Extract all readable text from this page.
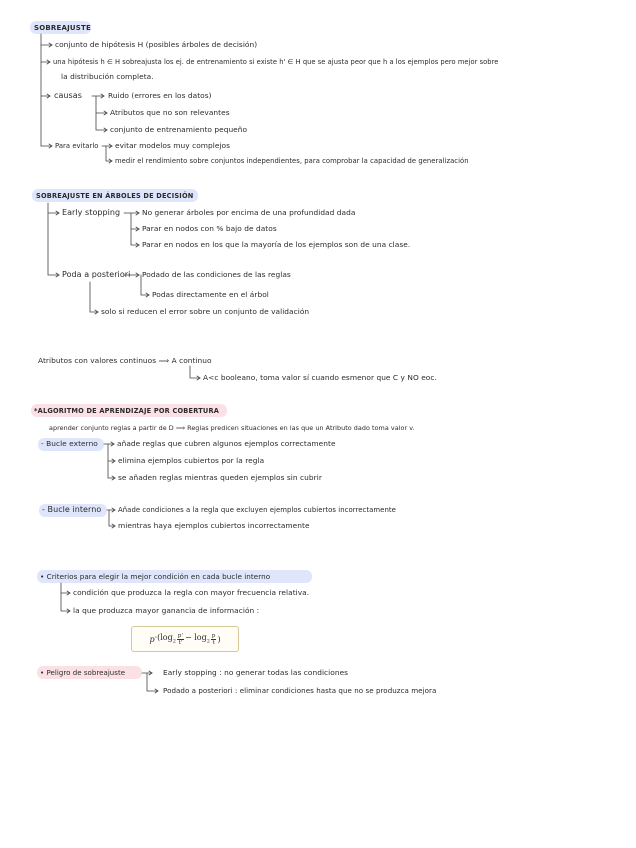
SOBREAJUSTE
conjunto de hipótesis H (posibles árboles de decisión)
una hipótesis h ∈ H sobreajusta los ej. de entrenamiento si existe h' ∈ H que se ajusta peor que h a los ejemplos pero mejor sobre
la distribución completa.
causas	Ruido (errores en los datos)
Atributos que no son relevantes
conjunto de entrenamiento pequeño
Para evitarlo evitar modelos muy complejos
medir el rendimiento sobre conjuntos independientes, para comprobar la capacidad de generalización
SOBREAJUSTE EN ÁRBOLES DE DECISIÓN
Early stopping	No generar árboles por encima de una profundidad dada
Parar en nodos con % bajo de datos
Parar en nodos en los que la mayoría de los ejemplos son de una clase.
Poda a posteriori Podado de las condiciones de las reglas
Podas directamente en el árbol
solo si reducen el error sobre un conjunto de validación
Atributos con valores continuos ⟹ A continuo
A<c booleano, toma valor sí cuando esmenor que C y NO eoc.
*ALGORITMO DE APRENDIZAJE POR COBERTURA
aprender conjunto reglas a partir de D ⟹ Reglas predicen situaciones en las que un Atributo dado toma valor v.
- Bucle externo	añade reglas que cubren algunos ejemplos correctamente
elimina ejemplos cubiertos por la regla
se añaden reglas mientras queden ejemplos sin cubrir
- Bucle interno Añade condiciones a la regla que excluyen ejemplos cubiertos incorrectamente
mientras haya ejemplos cubiertos incorrectamente
• Criterios para elegir la mejor condición en cada bucle interno
condición que produzca la regla con mayor frecuencia relativa.
la que produzca mayor ganancia de información :
$p \cdot(\log_2 \frac{p'}{t'} - \log_2 \frac{p}{t}$ )
• Peligro de sobreajuste	Early stopping : no generar todas las condiciones
Podado a posteriori : eliminar condiciones hasta que no se produzca mejora
